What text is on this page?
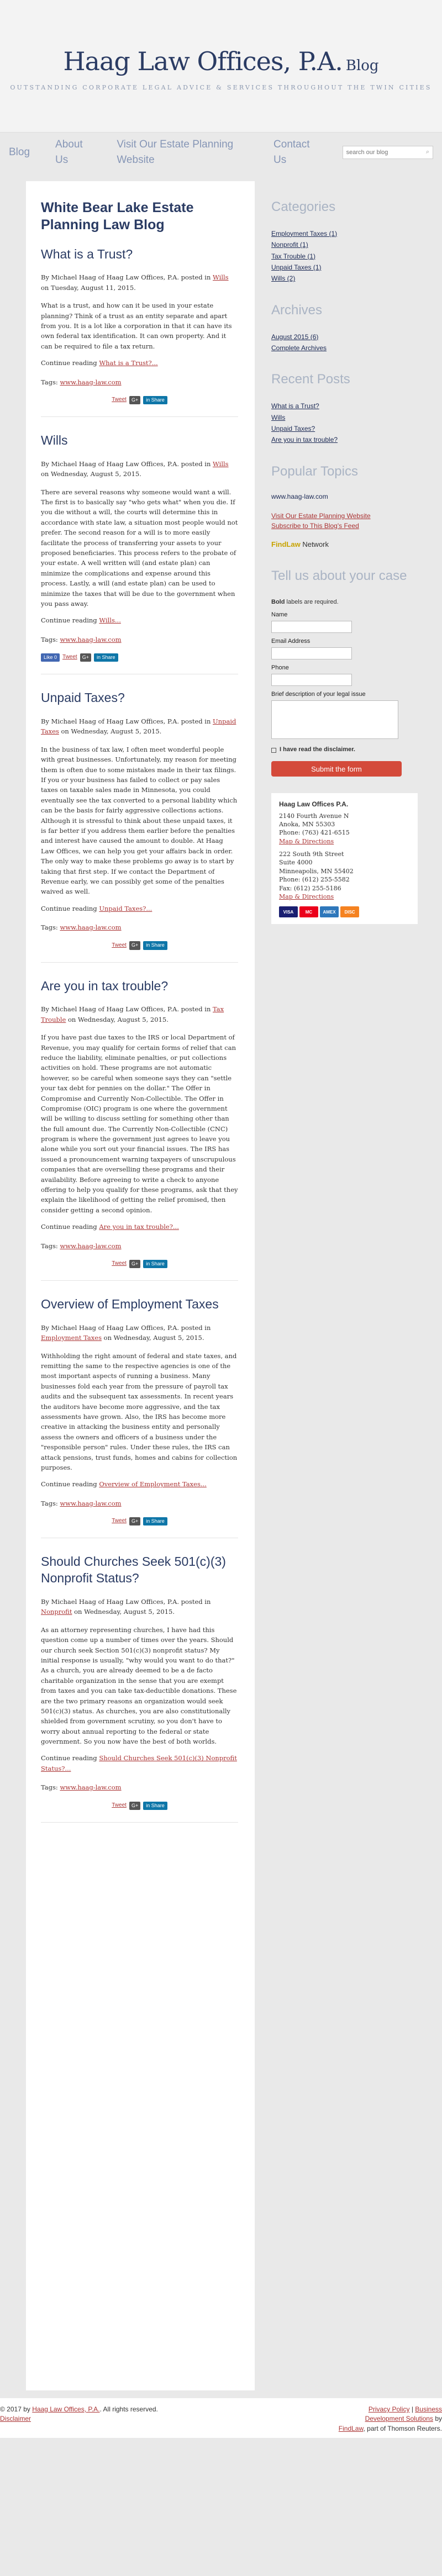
Haag Law Offices, P.A. Blog
OUTSTANDING CORPORATE LEGAL ADVICE & SERVICES THROUGHOUT THE TWIN CITIES
Blog
About Us
Visit Our Estate Planning Website
Contact Us
search our blog
⌕
White Bear Lake Estate Planning Law Blog
What is a Trust?
By Michael Haag of Haag Law Offices, P.A. posted in Wills on Tuesday, August 11, 2015.

What is a trust, and how can it be used in your estate planning? Think of a trust as an entity separate and apart from you. It is a lot like a corporation in that it can have its own federal tax identification. It can own property. And it can be required to file a tax return.

Continue reading What is a Trust?...
Tags: www.haag-law.com
Tweet	G+	in Share
Wills
By Michael Haag of Haag Law Offices, P.A. posted in Wills on Wednesday, August 5, 2015.

There are several reasons why someone would want a will. The first is to basically say "who gets what" when you die. If you die without a will, the courts will determine this in accordance with state law, a situation most people would not prefer. The second reason for a will is to more easily facilitate the process of transferring your assets to your proposed beneficiaries. This process refers to the probate of your estate. A well written will (and estate plan) can minimize the complications and expense around this process. Lastly, a will (and estate plan) can be used to minimize the taxes that will be due to the government when you pass away.

Continue reading Wills...
Tags: www.haag-law.com
Like 0	Tweet	G+	in Share
Unpaid Taxes?
By Michael Haag of Haag Law Offices, P.A. posted in Unpaid Taxes on Wednesday, August 5, 2015.

In the business of tax law, I often meet wonderful people with great businesses. Unfortunately, my reason for meeting them is often due to some mistakes made in their tax filings. If you or your business has failed to collect or pay sales taxes on taxable sales made in Minnesota, you could eventually see the tax converted to a personal liability which can be the basis for fairly aggressive collections actions. Although it is stressful to think about these unpaid taxes, it is far better if you address them earlier before the penalties and interest have caused the amount to double. At Haag Law Offices, we can help you get your affairs back in order. The only way to make these problems go away is to start by taking that first step. If we contact the Department of Revenue early, we can possibly get some of the penalties waived as well.

Continue reading Unpaid Taxes?...
Tags: www.haag-law.com
Tweet	G+	in Share
Are you in tax trouble?
By Michael Haag of Haag Law Offices, P.A. posted in Tax Trouble on Wednesday, August 5, 2015.

If you have past due taxes to the IRS or local Department of Revenue, you may qualify for certain forms of relief that can reduce the liability, eliminate penalties, or put collections activities on hold. These programs are not automatic however, so be careful when someone says they can "settle your tax debt for pennies on the dollar." The Offer in Compromise and Currently Non-Collectible. The Offer in Compromise (OIC) program is one where the government will be willing to discuss settling for something other than the full amount due. The Currently Non-Collectible (CNC) program is where the government just agrees to leave you alone while you sort out your financial issues. The IRS has issued a pronouncement warning taxpayers of unscrupulous companies that are overselling these programs and their availability. Before agreeing to write a check to anyone offering to help you qualify for these programs, ask that they explain the likelihood of getting the relief promised, then consider getting a second opinion.

Continue reading Are you in tax trouble?...
Tags: www.haag-law.com
Tweet	G+	in Share
Overview of Employment Taxes
By Michael Haag of Haag Law Offices, P.A. posted in Employment Taxes on Wednesday, August 5, 2015.

Withholding the right amount of federal and state taxes, and remitting the same to the respective agencies is one of the most important aspects of running a business. Many businesses fold each year from the pressure of payroll tax audits and the subsequent tax assessments. In recent years the auditors have become more aggressive, and the tax assessments have grown. Also, the IRS has become more creative in attacking the business entity and personally assess the owners and officers of a business under the "responsible person" rules. Under these rules, the IRS can attack pensions, trust funds, homes and cabins for collection purposes.

Continue reading Overview of Employment Taxes...
Tags: www.haag-law.com
Tweet	G+	in Share
Should Churches Seek 501(c)(3) Nonprofit Status?
By Michael Haag of Haag Law Offices, P.A. posted in Nonprofit on Wednesday, August 5, 2015.

As an attorney representing churches, I have had this question come up a number of times over the years. Should our church seek Section 501(c)(3) nonprofit status? My initial response is usually, "why would you want to do that?" As a church, you are already deemed to be a de facto charitable organization in the sense that you are exempt from taxes and you can take tax-deductible donations. These are the two primary reasons an organization would seek 501(c)(3) status. As churches, you are also constitutionally shielded from government scrutiny, so you don't have to worry about annual reporting to the federal or state government. So you now have the best of both worlds.

Continue reading Should Churches Seek 501(c)(3) Nonprofit Status?...
Tags: www.haag-law.com
Tweet	G+	in Share
Categories
Employment Taxes (1)
Nonprofit (1)
Tax Trouble (1)
Unpaid Taxes (1)
Wills (2)
Archives
August 2015 (6)
Complete Archives
Recent Posts
What is a Trust?
Wills
Unpaid Taxes?
Are you in tax trouble?
Popular Topics
www.haag-law.com
Visit Our Estate Planning Website
Subscribe to This Blog's Feed
FindLaw Network
Tell us about your case
Bold labels are required.
Name
Email Address
Phone
Brief description of your legal issue
I have read the disclaimer.
Submit the form
Haag Law Offices P.A.
2140 Fourth Avenue N
Anoka, MN 55303
Phone: (763) 421-6515
Map & Directions
222 South 9th Street
Suite 4000
Minneapolis, MN 55402
Phone: (612) 255-5582
Fax: (612) 255-5186
Map & Directions
VISA	MC	AMEX	DISC
© 2017 by Haag Law Offices, P.A.. All rights reserved.
Disclaimer
Privacy Policy | Business Development Solutions by FindLaw, part of Thomson Reuters.
